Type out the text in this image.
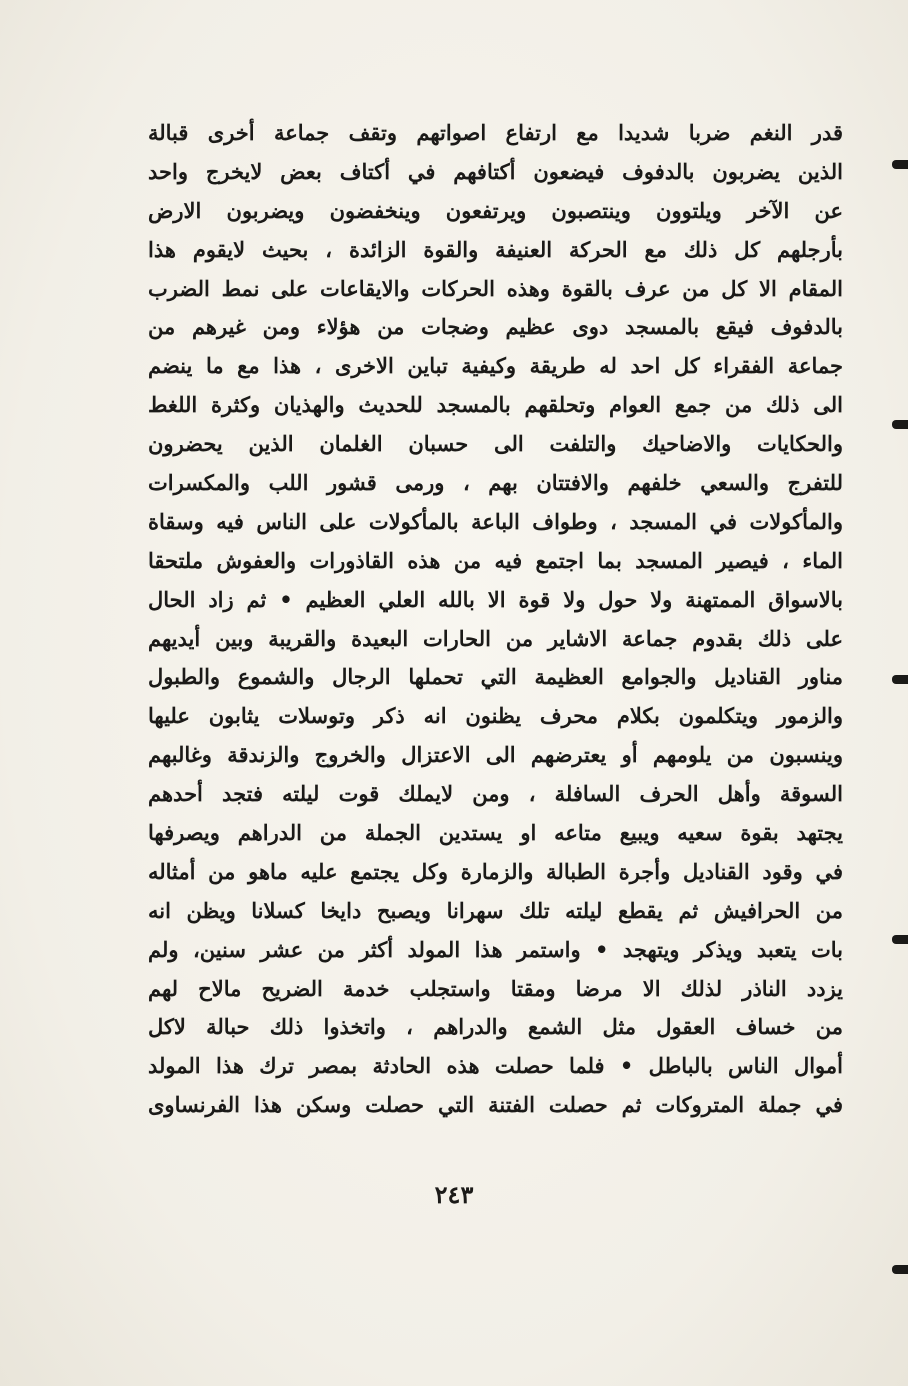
قدر النغم ضربا شديدا مع ارتفاع اصواتهم وتقف جماعة أخرى قبالة
الذين يضربون بالدفوف فيضعون أكتافهم في أكتاف بعض لايخرج واحد
عن الآخر ويلتوون وينتصبون ويرتفعون وينخفضون ويضربون الارض
بأرجلهم كل ذلك مع الحركة العنيفة والقوة الزائدة ، بحيث لايقوم هذا
المقام الا كل من عرف بالقوة وهذه الحركات والايقاعات على نمط الضرب
بالدفوف فيقع بالمسجد دوى عظيم وضجات من هؤلاء ومن غيرهم من
جماعة الفقراء كل احد له طريقة وكيفية تباين الاخرى ، هذا مع ما ينضم
الى ذلك من جمع العوام وتحلقهم بالمسجد للحديث والهذيان وكثرة اللغط
والحكايات والاضاحيك والتلفت الى حسبان الغلمان الذين يحضرون
للتفرج والسعي خلفهم والافتتان بهم ، ورمى قشور اللب والمكسرات
والمأكولات في المسجد ، وطواف الباعة بالمأكولات على الناس فيه وسقاة
الماء ، فيصير المسجد بما اجتمع فيه من هذه القاذورات والعفوش ملتحقا
بالاسواق الممتهنة ولا حول ولا قوة الا بالله العلي العظيم • ثم زاد الحال
على ذلك بقدوم جماعة الاشاير من الحارات البعيدة والقريبة وبين أيديهم
مناور القناديل والجوامع العظيمة التي تحملها الرجال والشموع والطبول
والزمور ويتكلمون بكلام محرف يظنون انه ذكر وتوسلات يثابون عليها
وينسبون من يلومهم أو يعترضهم الى الاعتزال والخروج والزندقة وغالبهم
السوقة وأهل الحرف السافلة ، ومن لايملك قوت ليلته فتجد أحدهم
يجتهد بقوة سعيه ويبيع متاعه او يستدين الجملة من الدراهم ويصرفها
في وقود القناديل وأجرة الطبالة والزمارة وكل يجتمع عليه ماهو من أمثاله
من الحرافيش ثم يقطع ليلته تلك سهرانا ويصبح دايخا كسلانا ويظن انه
بات يتعبد ويذكر ويتهجد • واستمر هذا المولد أكثر من عشر سنين، ولم
يزدد الناذر لذلك الا مرضا ومقتا واستجلب خدمة الضريح مالاح لهم
من خساف العقول مثل الشمع والدراهم ، واتخذوا ذلك حبالة لاكل
أموال الناس بالباطل • فلما حصلت هذه الحادثة بمصر ترك هذا المولد
في جملة المتروكات ثم حصلت الفتنة التي حصلت وسكن هذا الفرنساوى
٢٤٣
